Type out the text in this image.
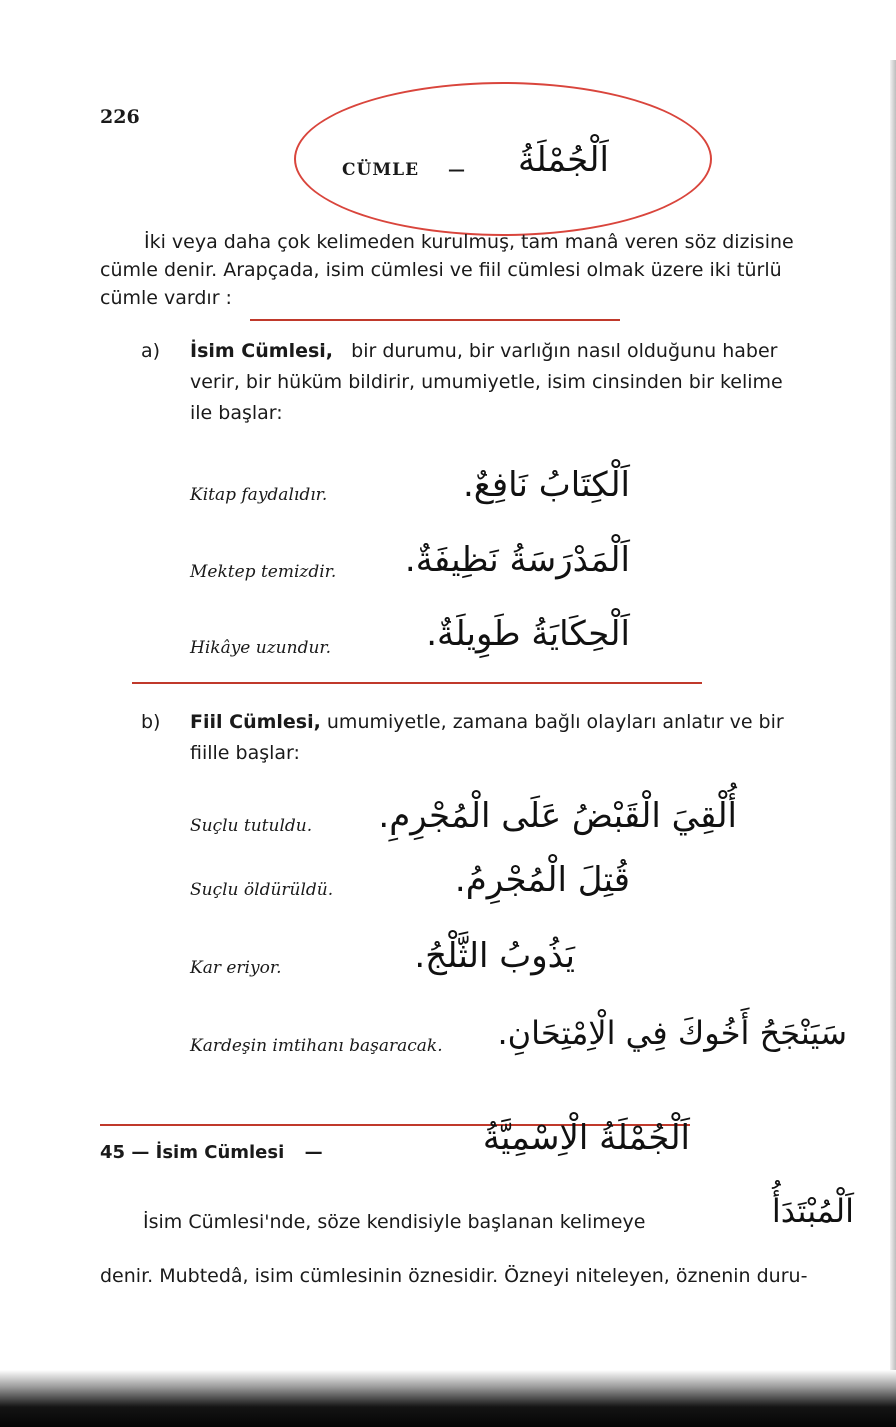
226
CÜMLE — اَلْجُمْلَةُ
İki veya daha çok kelimeden kurulmuş, tam manâ veren söz dizisine
cümle denir. Arapçada, isim cümlesi ve fiil cümlesi olmak üzere iki türlü
cümle vardır :
a) İsim Cümlesi, bir durumu, bir varlığın nasıl olduğunu haber
verir, bir hüküm bildirir, umumiyetle, isim cinsinden bir kelime
ile başlar:
Kitap faydalıdır.	اَلْكِتَابُ نَافِعٌ.
Mektep temizdir. اَلْمَدْرَسَةُ نَظِيفَةٌ.
Hikâye uzundur.	اَلْحِكَايَةُ طَوِيلَةٌ.
b) Fiil Cümlesi, umumiyetle, zamana bağlı olayları anlatır ve bir
fiille başlar:
Suçlu tutuldu. أُلْقِيَ الْقَبْضُ عَلَى الْمُجْرِمِ.
Suçlu öldürüldü.	قُتِلَ الْمُجْرِمُ.
Kar eriyor.	يَذُوبُ الثَّلْجُ.
Kardeşin imtihanı başaracak. سَيَنْجَحُ أَخُوكَ فِي الْاِمْتِحَانِ.
45 — İsim Cümlesi —	اَلْجُمْلَةُ الْاِسْمِيَّةُ
İsim Cümlesi'nde, söze kendisiyle başlanan kelimeye	اَلْمُبْتَدَأُ
denir. Mubtedâ, isim cümlesinin öznesidir. Özneyi niteleyen, öznenin duru-
